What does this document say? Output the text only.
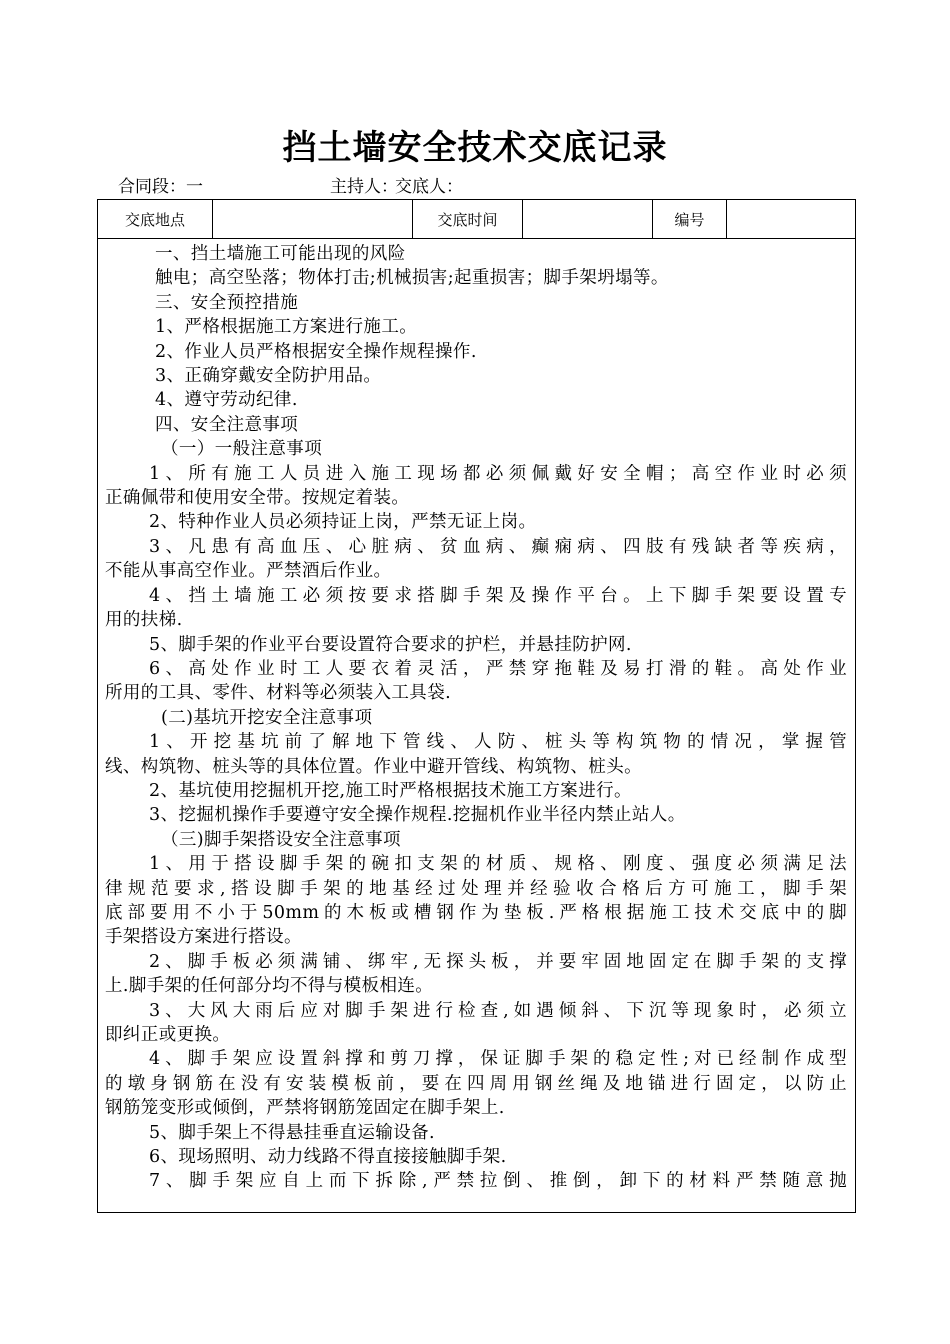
挡土墙安全技术交底记录
合同段：一	主持人：
交底人：
交底地点	交底时间	编号
一、挡土墙施工可能出现的风险
触电；高空坠落；物体打击;机械损害;起重损害；脚手架坍塌等。
三、安全预控措施
1、严格根据施工方案进行施工。
2、作业人员严格根据安全操作规程操作.
3、正确穿戴安全防护用品。
4、遵守劳动纪律.
四、安全注意事项
（一）一般注意事项
1、所有施工人员进入施工现场都必须佩戴好安全帽；高空作业时必须
正确佩带和使用安全带。按规定着装。
2、特种作业人员必须持证上岗，严禁无证上岗。
3、凡患有高血压、心脏病、贫血病、癫痫病、四肢有残缺者等疾病，
不能从事高空作业。严禁酒后作业。
4、挡土墙施工必须按要求搭脚手架及操作平台。上下脚手架要设置专
用的扶梯.
5、脚手架的作业平台要设置符合要求的护栏，并悬挂防护网.
6、高处作业时工人要衣着灵活，严禁穿拖鞋及易打滑的鞋。高处作业
所用的工具、零件、材料等必须装入工具袋.
(二)基坑开挖安全注意事项
1、开挖基坑前了解地下管线、人防、桩头等构筑物的情况，掌握管
线、构筑物、桩头等的具体位置。作业中避开管线、构筑物、桩头。
2、基坑使用挖掘机开挖,施工时严格根据技术施工方案进行。
3、挖掘机操作手要遵守安全操作规程.挖掘机作业半径内禁止站人。
（三)脚手架搭设安全注意事项
1、用于搭设脚手架的碗扣支架的材质、规格、刚度、强度必须满足法
律规范要求,搭设脚手架的地基经过处理并经验收合格后方可施工，脚手架
底部要用不小于50mm的木板或槽钢作为垫板.严格根据施工技术交底中的脚
手架搭设方案进行搭设。
2、脚手板必须满铺、绑牢,无探头板，并要牢固地固定在脚手架的支撑
上.脚手架的任何部分均不得与模板相连。
3、大风大雨后应对脚手架进行检查,如遇倾斜、下沉等现象时，必须立
即纠正或更换。
4、脚手架应设置斜撑和剪刀撑，保证脚手架的稳定性;对已经制作成型
的墩身钢筋在没有安装模板前，要在四周用钢丝绳及地锚进行固定，以防止
钢筋笼变形或倾倒，严禁将钢筋笼固定在脚手架上.
5、脚手架上不得悬挂垂直运输设备.
6、现场照明、动力线路不得直接接触脚手架.
7、脚手架应自上而下拆除,严禁拉倒、推倒，卸下的材料严禁随意抛
